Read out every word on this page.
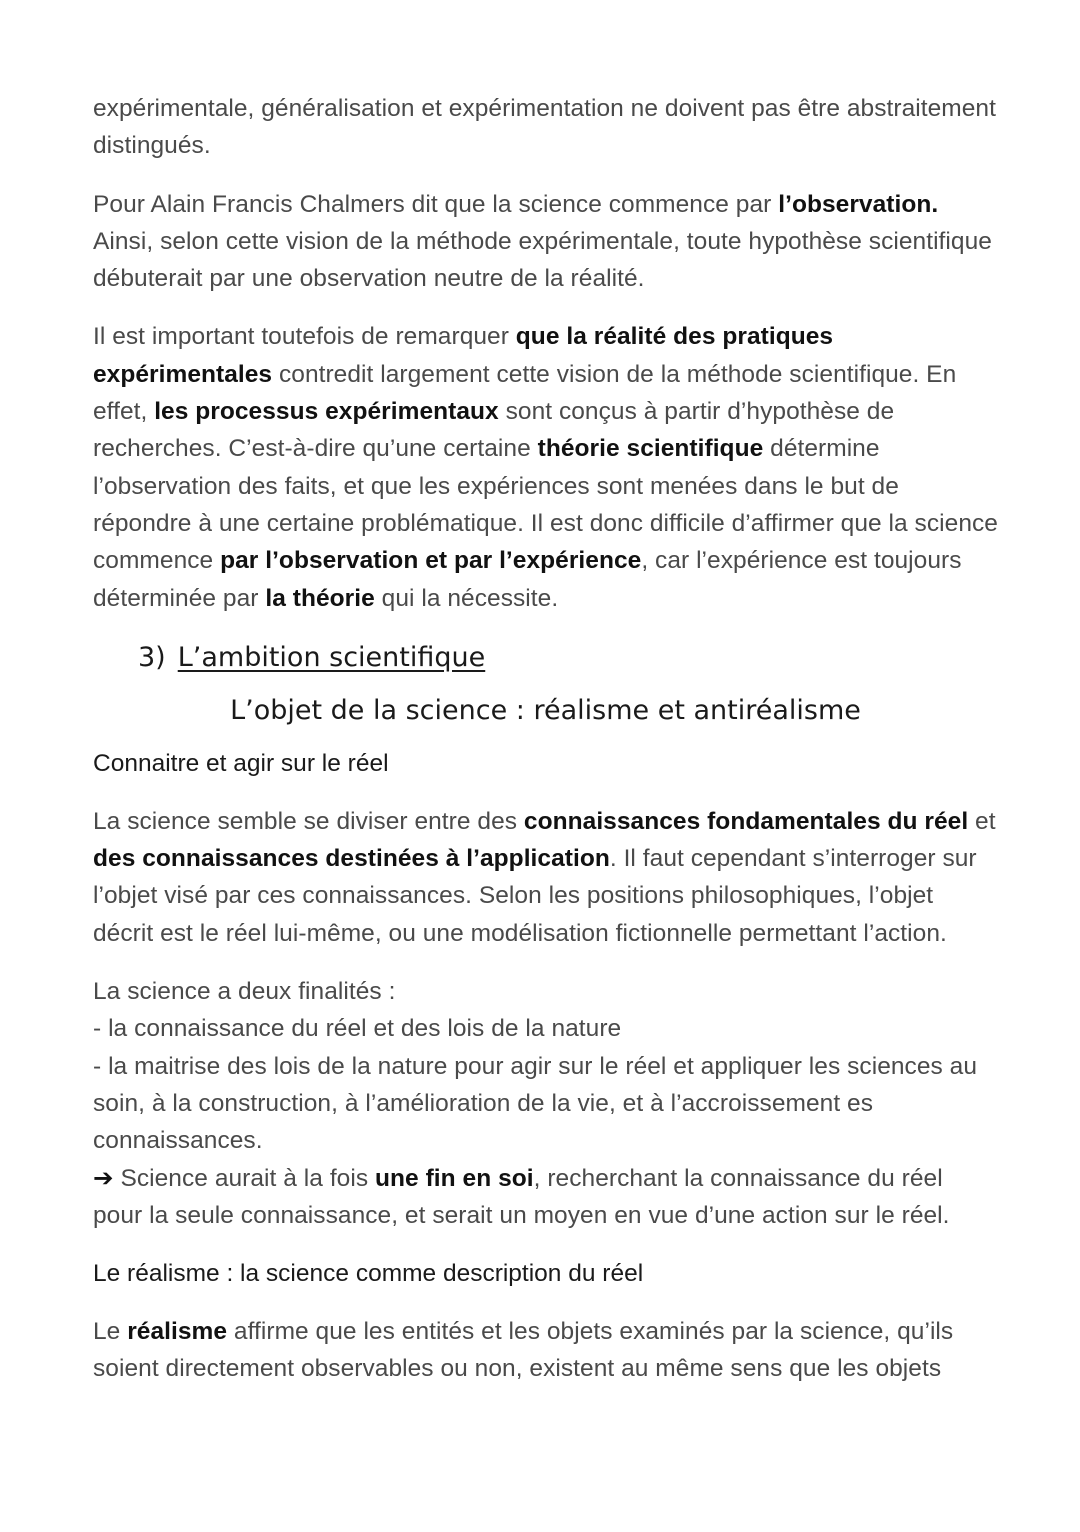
expérimentale, généralisation et expérimentation ne doivent pas être abstraitement distingués.

Pour Alain Francis Chalmers dit que la science commence par l’observation. Ainsi, selon cette vision de la méthode expérimentale, toute hypothèse scientifique débuterait par une observation neutre de la réalité.

Il est important toutefois de remarquer que la réalité des pratiques expérimentales contredit largement cette vision de la méthode scientifique. En effet, les processus expérimentaux sont conçus à partir d’hypothèse de recherches. C’est-à-dire qu’une certaine théorie scientifique détermine l’observation des faits, et que les expériences sont menées dans le but de répondre à une certaine problématique. Il est donc difficile d’affirmer que la science commence par l’observation et par l’expérience, car l’expérience est toujours déterminée par la théorie qui la nécessite.

3) L’ambition scientifique
L’objet de la science : réalisme et antiréalisme
Connaitre et agir sur le réel

La science semble se diviser entre des connaissances fondamentales du réel et des connaissances destinées à l’application. Il faut cependant s’interroger sur l’objet visé par ces connaissances. Selon les positions philosophiques, l’objet décrit est le réel lui-même, ou une modélisation fictionnelle permettant l’action.

La science a deux finalités :
- la connaissance du réel et des lois de la nature
- la maitrise des lois de la nature pour agir sur le réel et appliquer les sciences au soin, à la construction, à l’amélioration de la vie, et à l’accroissement es connaissances.
➔ Science aurait à la fois une fin en soi, recherchant la connaissance du réel pour la seule connaissance, et serait un moyen en vue d’une action sur le réel.

Le réalisme : la science comme description du réel

Le réalisme affirme que les entités et les objets examinés par la science, qu’ils soient directement observables ou non, existent au même sens que les objets
